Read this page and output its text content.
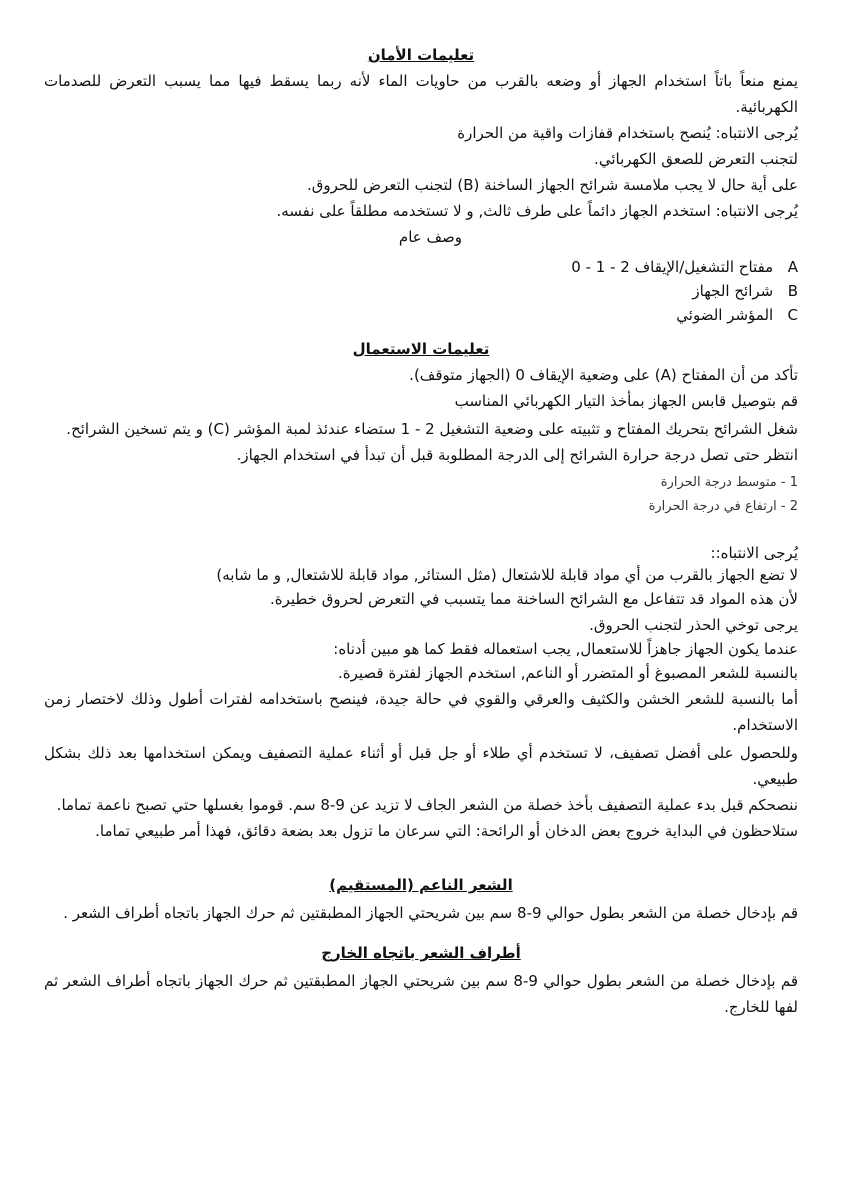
تعليمات الأمان
يمنع منعاً باتاً استخدام الجهاز أو وضعه بالقرب من حاويات الماء لأنه ربما يسقط فيها مما يسبب التعرض للصدمات الكهربائية.
يُرجى الانتباه: يُنصح باستخدام قفازات واقية من الحرارة
لتجنب التعرض للصعق الكهربائي.
على أية حال لا يجب ملامسة شرائح الجهاز الساخنة (B) لتجنب التعرض للحروق.
يُرجى الانتباه: استخدم الجهاز دائماً على طرف ثالث, و لا تستخدمه مطلقاً على نفسه.
وصف عام
A مفتاح التشغيل/الإيقاف 2 - 1 - 0
B شرائح الجهاز
C المؤشر الضوئي
تعليمات الاستعمال
تأكد من أن المفتاح (A) على وضعية الإيقاف 0 (الجهاز متوقف).
قم بتوصيل قابس الجهاز بمأخذ التيار الكهربائي المناسب
شغل الشرائح بتحريك المفتاح و تثبيته على وضعية التشغيل 2 - 1 ستضاء عندئذ لمبة المؤشر (C) و يتم تسخين الشرائح.
انتظر حتى تصل درجة حرارة الشرائح إلى الدرجة المطلوبة قبل أن تبدأ في استخدام الجهاز.
1 - متوسط درجة الحرارة
2 - ارتفاع في درجة الحرارة
يُرجى الانتباه::
لا تضع الجهاز بالقرب من أي مواد قابلة للاشتعال (مثل الستائر, مواد قابلة للاشتعال, و ما شابه)
لأن هذه المواد قد تتفاعل مع الشرائح الساخنة مما يتسبب في التعرض لحروق خطيرة.
يرجى توخي الحذر لتجنب الحروق.
عندما يكون الجهاز جاهزاً للاستعمال, يجب استعماله فقط كما هو مبين أدناه:
بالنسبة للشعر المصبوغ أو المتضرر أو الناعم, استخدم الجهاز لفترة قصيرة.
أما بالنسبة للشعر الخشن والكثيف والعرقي والقوي في حالة جيدة، فينصح باستخدامه لفترات أطول وذلك لاختصار زمن الاستخدام.
وللحصول على أفضل تصفيف، لا تستخدم أي طلاء أو جل قبل أو أثناء عملية التصفيف ويمكن استخدامها بعد ذلك بشكل طبيعي.
ننصحكم قبل بدء عملية التصفيف بأخذ خصلة من الشعر الجاف لا تزيد عن 9-8 سم. قوموا بغسلها حتي تصبح ناعمة تماما.
ستلاحظون في البداية خروج بعض الدخان أو الرائحة: التي سرعان ما تزول بعد بضعة دقائق، فهذا أمر طبيعي تماما.
الشعر الناعم (المستقيم)
قم بإدخال خصلة من الشعر بطول حوالي 9-8 سم بين شريحتي الجهاز المطبقتين ثم حرك الجهاز باتجاه أطراف الشعر .
أطراف الشعر باتجاه الخارج
قم بإدخال خصلة من الشعر بطول حوالي 9-8 سم بين شريحتي الجهاز المطبقتين ثم حرك الجهاز باتجاه أطراف الشعر ثم لفها للخارج.
